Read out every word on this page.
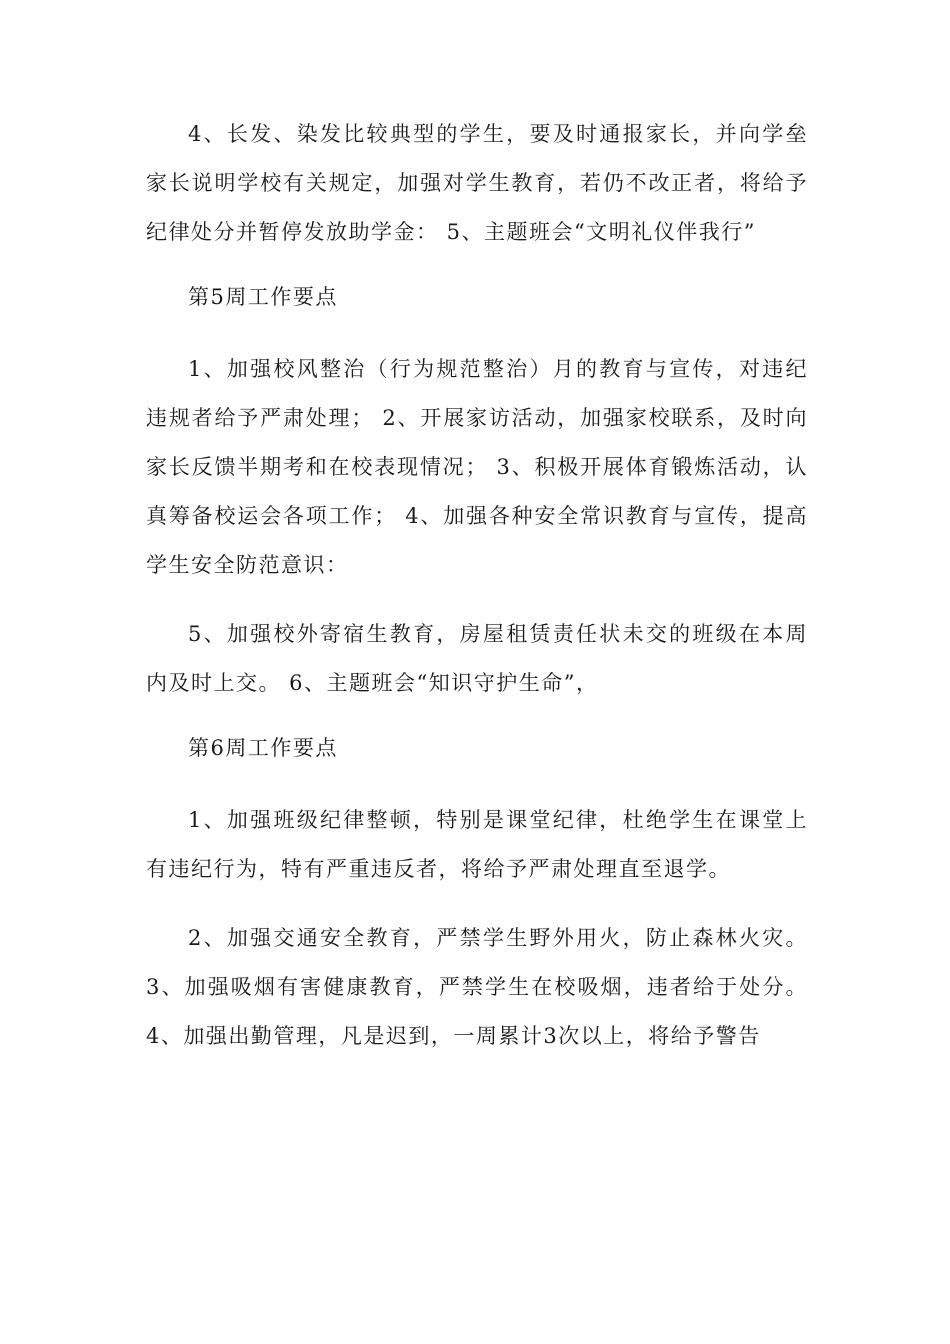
4、长发、染发比较典型的学生，要及时通报家长，并向学垒家长说明学校有关规定，加强对学生教育，若仍不改正者，将给予纪律处分并暂停发放助学金： 5、主题班会“文明礼仪伴我行”

第5周工作要点

1、加强校风整治（行为规范整治）月的教育与宣传，对违纪违规者给予严肃处理； 2、开展家访活动，加强家校联系，及时向家长反馈半期考和在校表现情况； 3、积极开展体育锻炼活动，认真筹备校运会各项工作； 4、加强各种安全常识教育与宣传，提高学生安全防范意识：

5、加强校外寄宿生教育，房屋租赁责任状未交的班级在本周内及时上交。 6、主题班会“知识守护生命”，

第6周工作要点

1、加强班级纪律整顿，特别是课堂纪律，杜绝学生在课堂上有违纪行为，特有严重违反者，将给予严肃处理直至退学。

2、加强交通安全教育，严禁学生野外用火，防止森林火灾。3、加强吸烟有害健康教育，严禁学生在校吸烟，违者给于处分。4、加强出勤管理，凡是迟到，一周累计3次以上，将给予警告
